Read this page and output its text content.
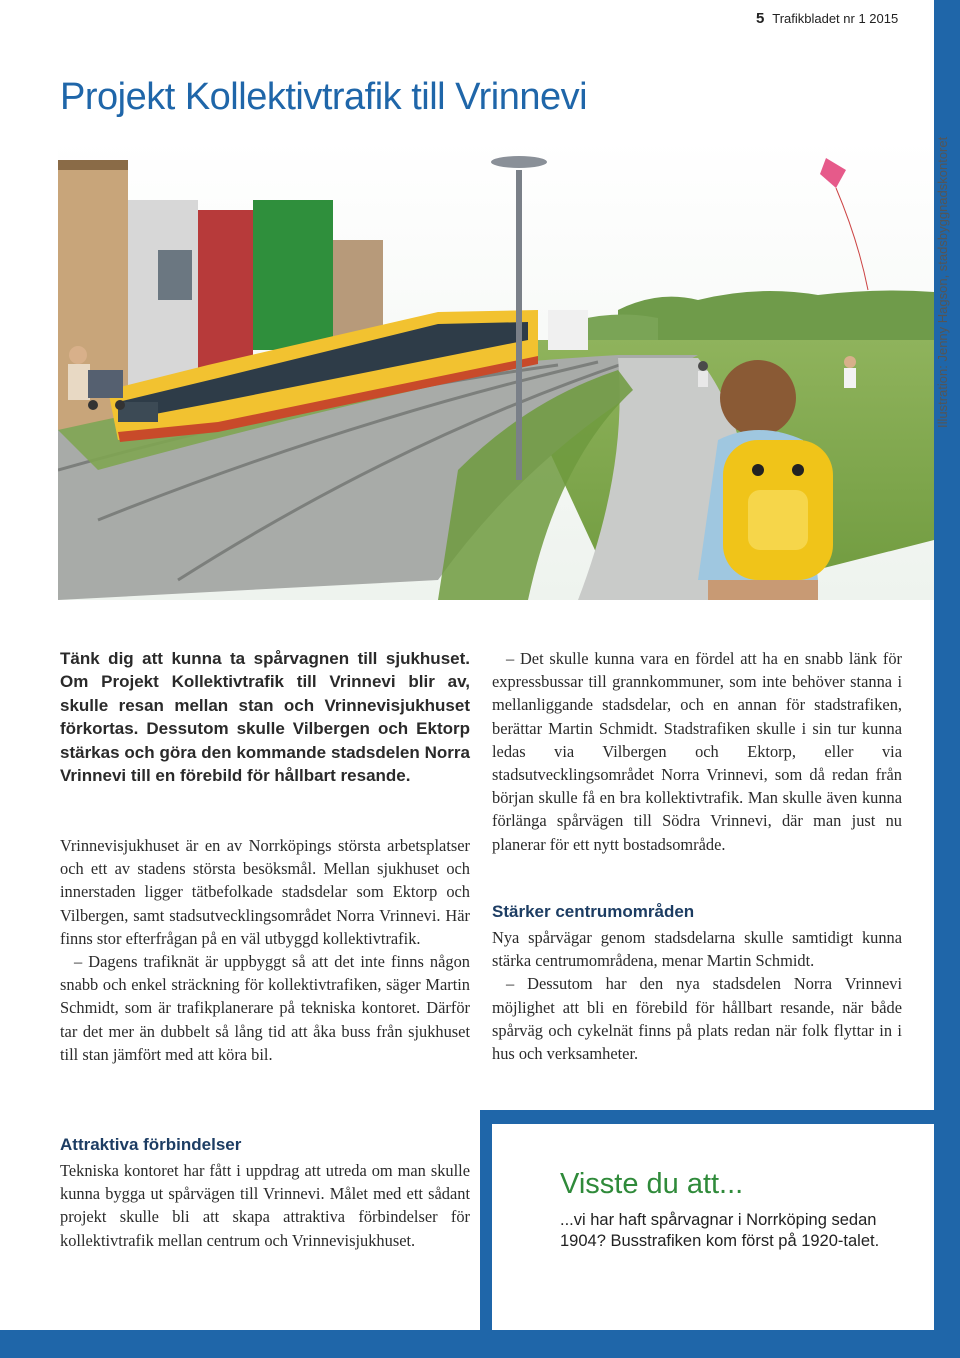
5 Trafikbladet nr 1 2015
Projekt Kollektivtrafik till Vrinnevi
Illustration: Jenny Hagson, stadsbyggnadskontoret

Tänk dig att kunna ta spårvagnen till sjukhuset. Om Projekt Kollektivtrafik till Vrinnevi blir av, skulle resan mellan stan och Vrinnevisjukhuset förkortas. Dessutom skulle Vilbergen och Ektorp stärkas och göra den kommande stadsdelen Norra Vrinnevi till en förebild för hållbart resande.

Vrinnevisjukhuset är en av Norrköpings största arbetsplatser och ett av stadens största besöksmål. Mellan sjukhuset och innerstaden ligger tätbefolkade stadsdelar som Ektorp och Vilbergen, samt stadsutvecklingsområdet Norra Vrinnevi. Här finns stor efterfrågan på en väl utbyggd kollektivtrafik.

– Dagens trafiknät är uppbyggt så att det inte finns någon snabb och enkel sträckning för kollektivtrafiken, säger Martin Schmidt, som är trafikplanerare på tekniska kontoret. Därför tar det mer än dubbelt så lång tid att åka buss från sjukhuset till stan jämfört med att köra bil.

Attraktiva förbindelser

Tekniska kontoret har fått i uppdrag att utreda om man skulle kunna bygga ut spårvägen till Vrinnevi. Målet med ett sådant projekt skulle bli att skapa attraktiva förbindelser för kollektivtrafik mellan centrum och Vrinnevisjukhuset.

– Det skulle kunna vara en fördel att ha en snabb länk för expressbussar till grannkommuner, som inte behöver stanna i mellanliggande stadsdelar, och en annan för stadstrafiken, berättar Martin Schmidt. Stadstrafiken skulle i sin tur kunna ledas via Vilbergen och Ektorp, eller via stadsutvecklingsområdet Norra Vrinnevi, som då redan från början skulle få en bra kollektivtrafik. Man skulle även kunna förlänga spårvägen till Södra Vrinnevi, där man just nu planerar för ett nytt bostadsområde.

Stärker centrumområden

Nya spårvägar genom stadsdelarna skulle samtidigt kunna stärka centrumområdena, menar Martin Schmidt.

– Dessutom har den nya stadsdelen Norra Vrinnevi möjlighet att bli en förebild för hållbart resande, när både spårväg och cykelnät finns på plats redan när folk flyttar in i hus och verksamheter.

Visste du att...

...vi har haft spårvagnar i Norrköping sedan 1904? Busstrafiken kom först på 1920-talet.
